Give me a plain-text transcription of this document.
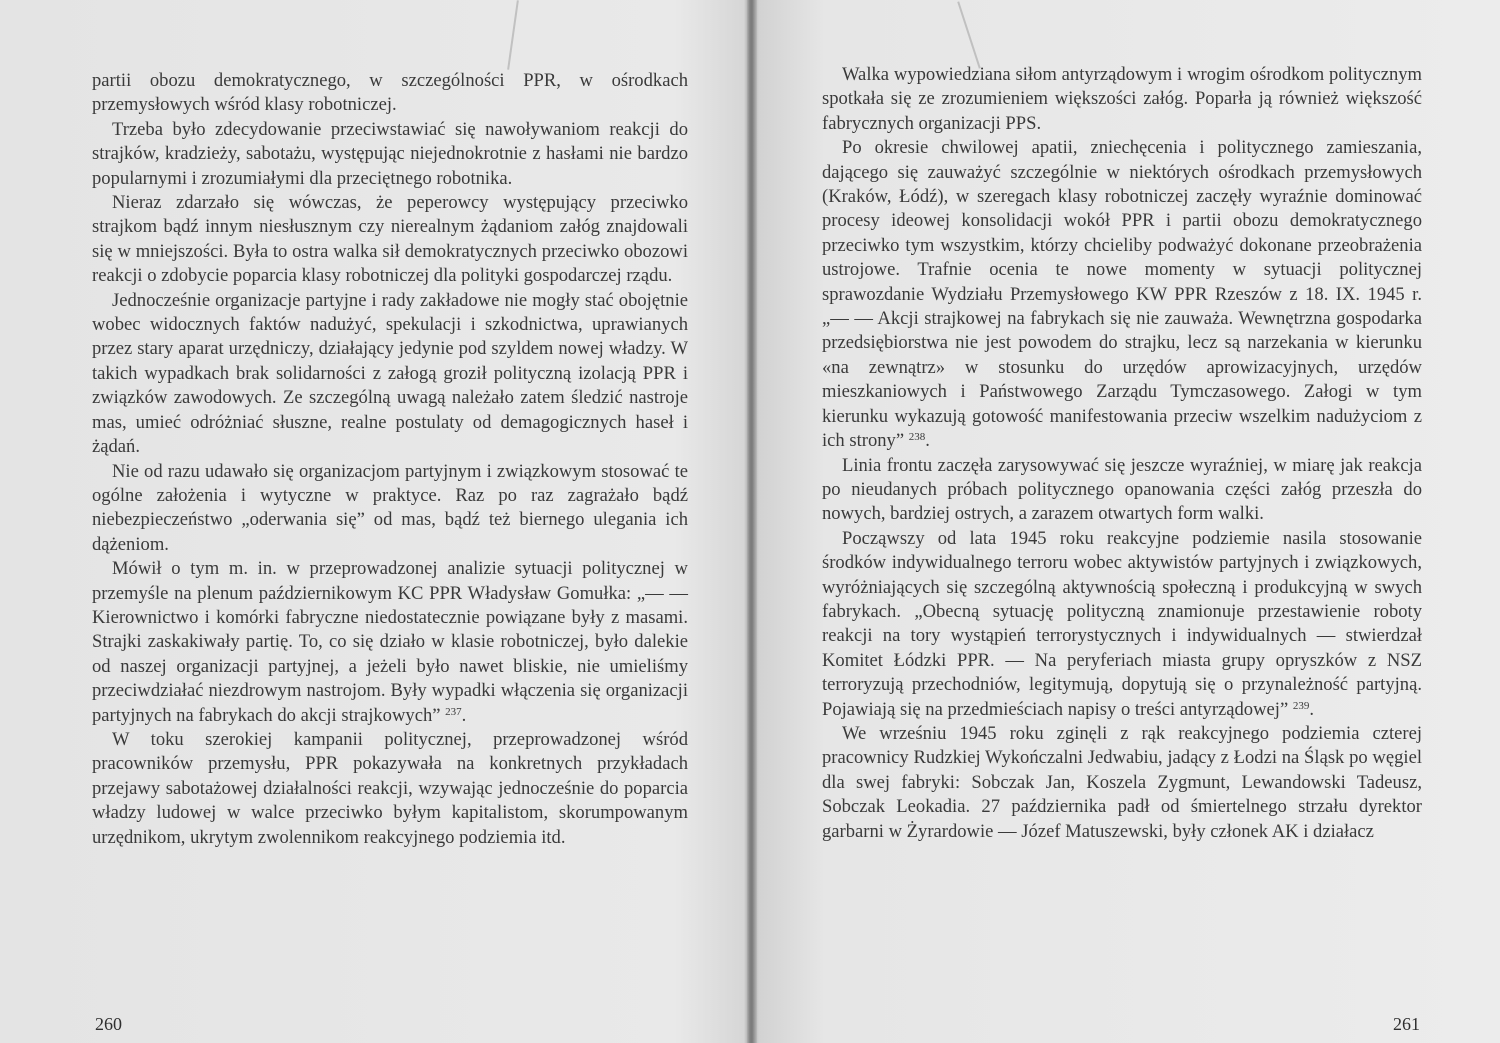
partii obozu demokratycznego, w szczególności PPR, w ośrodkach przemysłowych wśród klasy robotniczej.

Trzeba było zdecydowanie przeciwstawiać się nawoływaniom reakcji do strajków, kradzieży, sabotażu, występując niejednokrotnie z hasłami nie bardzo popularnymi i zrozumiałymi dla przeciętnego robotnika.

Nieraz zdarzało się wówczas, że peperowcy występujący przeciwko strajkom bądź innym niesłusznym czy nierealnym żądaniom załóg znajdowali się w mniejszości. Była to ostra walka sił demokratycznych przeciwko obozowi reakcji o zdobycie poparcia klasy robotniczej dla polityki gospodarczej rządu.

Jednocześnie organizacje partyjne i rady zakładowe nie mogły stać obojętnie wobec widocznych faktów nadużyć, spekulacji i szkodnictwa, uprawianych przez stary aparat urzędniczy, działający jedynie pod szyldem nowej władzy. W takich wypadkach brak solidarności z załogą groził polityczną izolacją PPR i związków zawodowych. Ze szczególną uwagą należało zatem śledzić nastroje mas, umieć odróżniać słuszne, realne postulaty od demagogicznych haseł i żądań.

Nie od razu udawało się organizacjom partyjnym i związkowym stosować te ogólne założenia i wytyczne w praktyce. Raz po raz zagrażało bądź niebezpieczeństwo „oderwania się” od mas, bądź też biernego ulegania ich dążeniom.

Mówił o tym m. in. w przeprowadzonej analizie sytuacji politycznej w przemyśle na plenum październikowym KC PPR Władysław Gomułka: „— — Kierownictwo i komórki fabryczne niedostatecznie powiązane były z masami. Strajki zaskakiwały partię. To, co się działo w klasie robotniczej, było dalekie od naszej organizacji partyjnej, a jeżeli było nawet bliskie, nie umieliśmy przeciwdziałać niezdrowym nastrojom. Były wypadki włączenia się organizacji partyjnych na fabrykach do akcji strajkowych” $^{237}$.

W toku szerokiej kampanii politycznej, przeprowadzonej wśród pracowników przemysłu, PPR pokazywała na konkretnych przykładach przejawy sabotażowej działalności reakcji, wzywając jednocześnie do poparcia władzy ludowej w walce przeciwko byłym kapitalistom, skorumpowanym urzędnikom, ukrytym zwolennikom reakcyjnego podziemia itd.

260

Walka wypowiedziana siłom antyrządowym i wrogim ośrodkom politycznym spotkała się ze zrozumieniem większości załóg. Poparła ją również większość fabrycznych organizacji PPS.

Po okresie chwilowej apatii, zniechęcenia i politycznego zamieszania, dającego się zauważyć szczególnie w niektórych ośrodkach przemysłowych (Kraków, Łódź), w szeregach klasy robotniczej zaczęły wyraźnie dominować procesy ideowej konsolidacji wokół PPR i partii obozu demokratycznego przeciwko tym wszystkim, którzy chcieliby podważyć dokonane przeobrażenia ustrojowe. Trafnie ocenia te nowe momenty w sytuacji politycznej sprawozdanie Wydziału Przemysłowego KW PPR Rzeszów z 18. IX. 1945 r. „— — Akcji strajkowej na fabrykach się nie zauważa. Wewnętrzna gospodarka przedsiębiorstwa nie jest powodem do strajku, lecz są narzekania w kierunku «na zewnątrz» w stosunku do urzędów aprowizacyjnych, urzędów mieszkaniowych i Państwowego Zarządu Tymczasowego. Załogi w tym kierunku wykazują gotowość manifestowania przeciw wszelkim nadużyciom z ich strony” $^{238}$.

Linia frontu zaczęła zarysowywać się jeszcze wyraźniej, w miarę jak reakcja po nieudanych próbach politycznego opanowania części załóg przeszła do nowych, bardziej ostrych, a zarazem otwartych form walki.

Począwszy od lata 1945 roku reakcyjne podziemie nasila stosowanie środków indywidualnego terroru wobec aktywistów partyjnych i związkowych, wyróżniających się szczególną aktywnością społeczną i produkcyjną w swych fabrykach. „Obecną sytuację polityczną znamionuje przestawienie roboty reakcji na tory wystąpień terrorystycznych i indywidualnych — stwierdzał Komitet Łódzki PPR. — Na peryferiach miasta grupy opryszków z NSZ terroryzują przechodniów, legitymują, dopytują się o przynależność partyjną. Pojawiają się na przedmieściach napisy o treści antyrządowej” $^{239}$.

We wrześniu 1945 roku zginęli z rąk reakcyjnego podziemia czterej pracownicy Rudzkiej Wykończalni Jedwabiu, jadący z Łodzi na Śląsk po węgiel dla swej fabryki: Sobczak Jan, Koszela Zygmunt, Lewandowski Tadeusz, Sobczak Leokadia. 27 października padł od śmiertelnego strzału dyrektor garbarni w Żyrardowie — Józef Matuszewski, były członek AK i działacz

261
